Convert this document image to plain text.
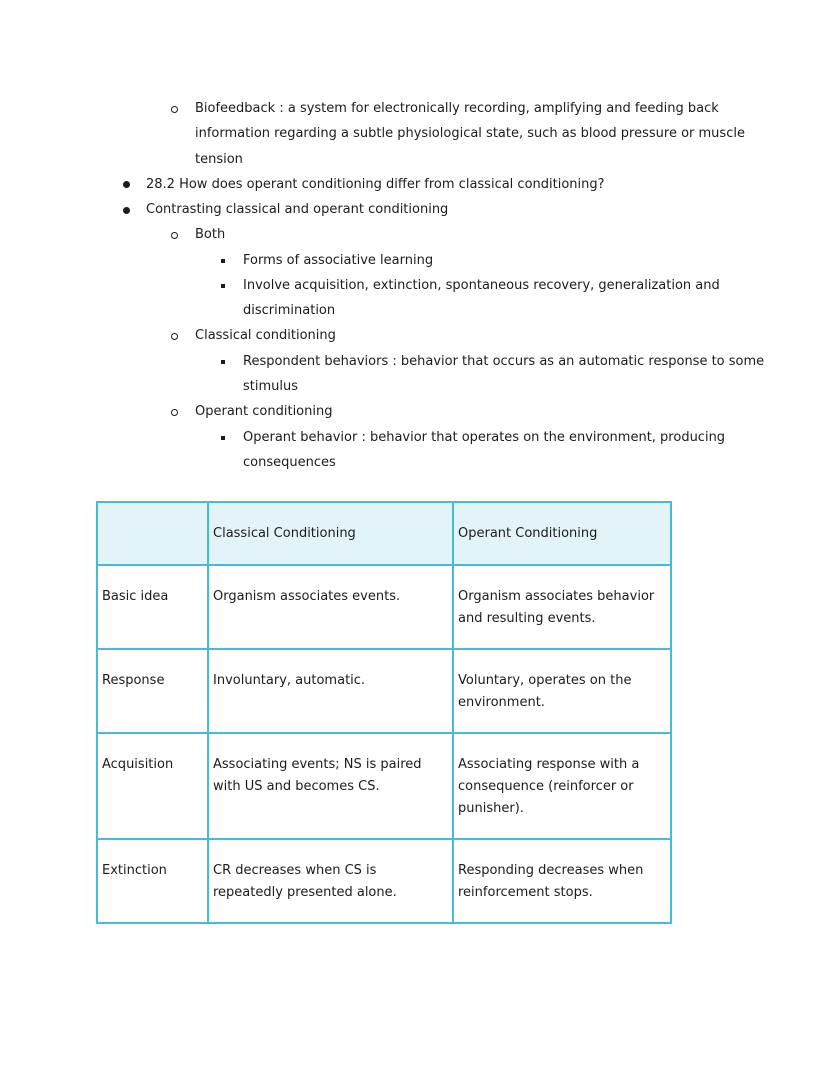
Biofeedback : a system for electronically recording, amplifying and feeding back
information regarding a subtle physiological state, such as blood pressure or muscle
tension
28.2 How does operant conditioning differ from classical conditioning?
Contrasting classical and operant conditioning
Both
Forms of associative learning
Involve acquisition, extinction, spontaneous recovery, generalization and
discrimination
Classical conditioning
Respondent behaviors : behavior that occurs as an automatic response to some
stimulus
Operant conditioning
Operant behavior : behavior that operates on the environment, producing
consequences
	Classical Conditioning	Operant Conditioning
Basic idea	Organism associates events.	Organism associates behavior and resulting events.
Response	Involuntary, automatic.	Voluntary, operates on the environment.
Acquisition	Associating events; NS is paired with US and becomes CS.	Associating response with a consequence (reinforcer or punisher).
Extinction	CR decreases when CS is repeatedly presented alone.	Responding decreases when reinforcement stops.
